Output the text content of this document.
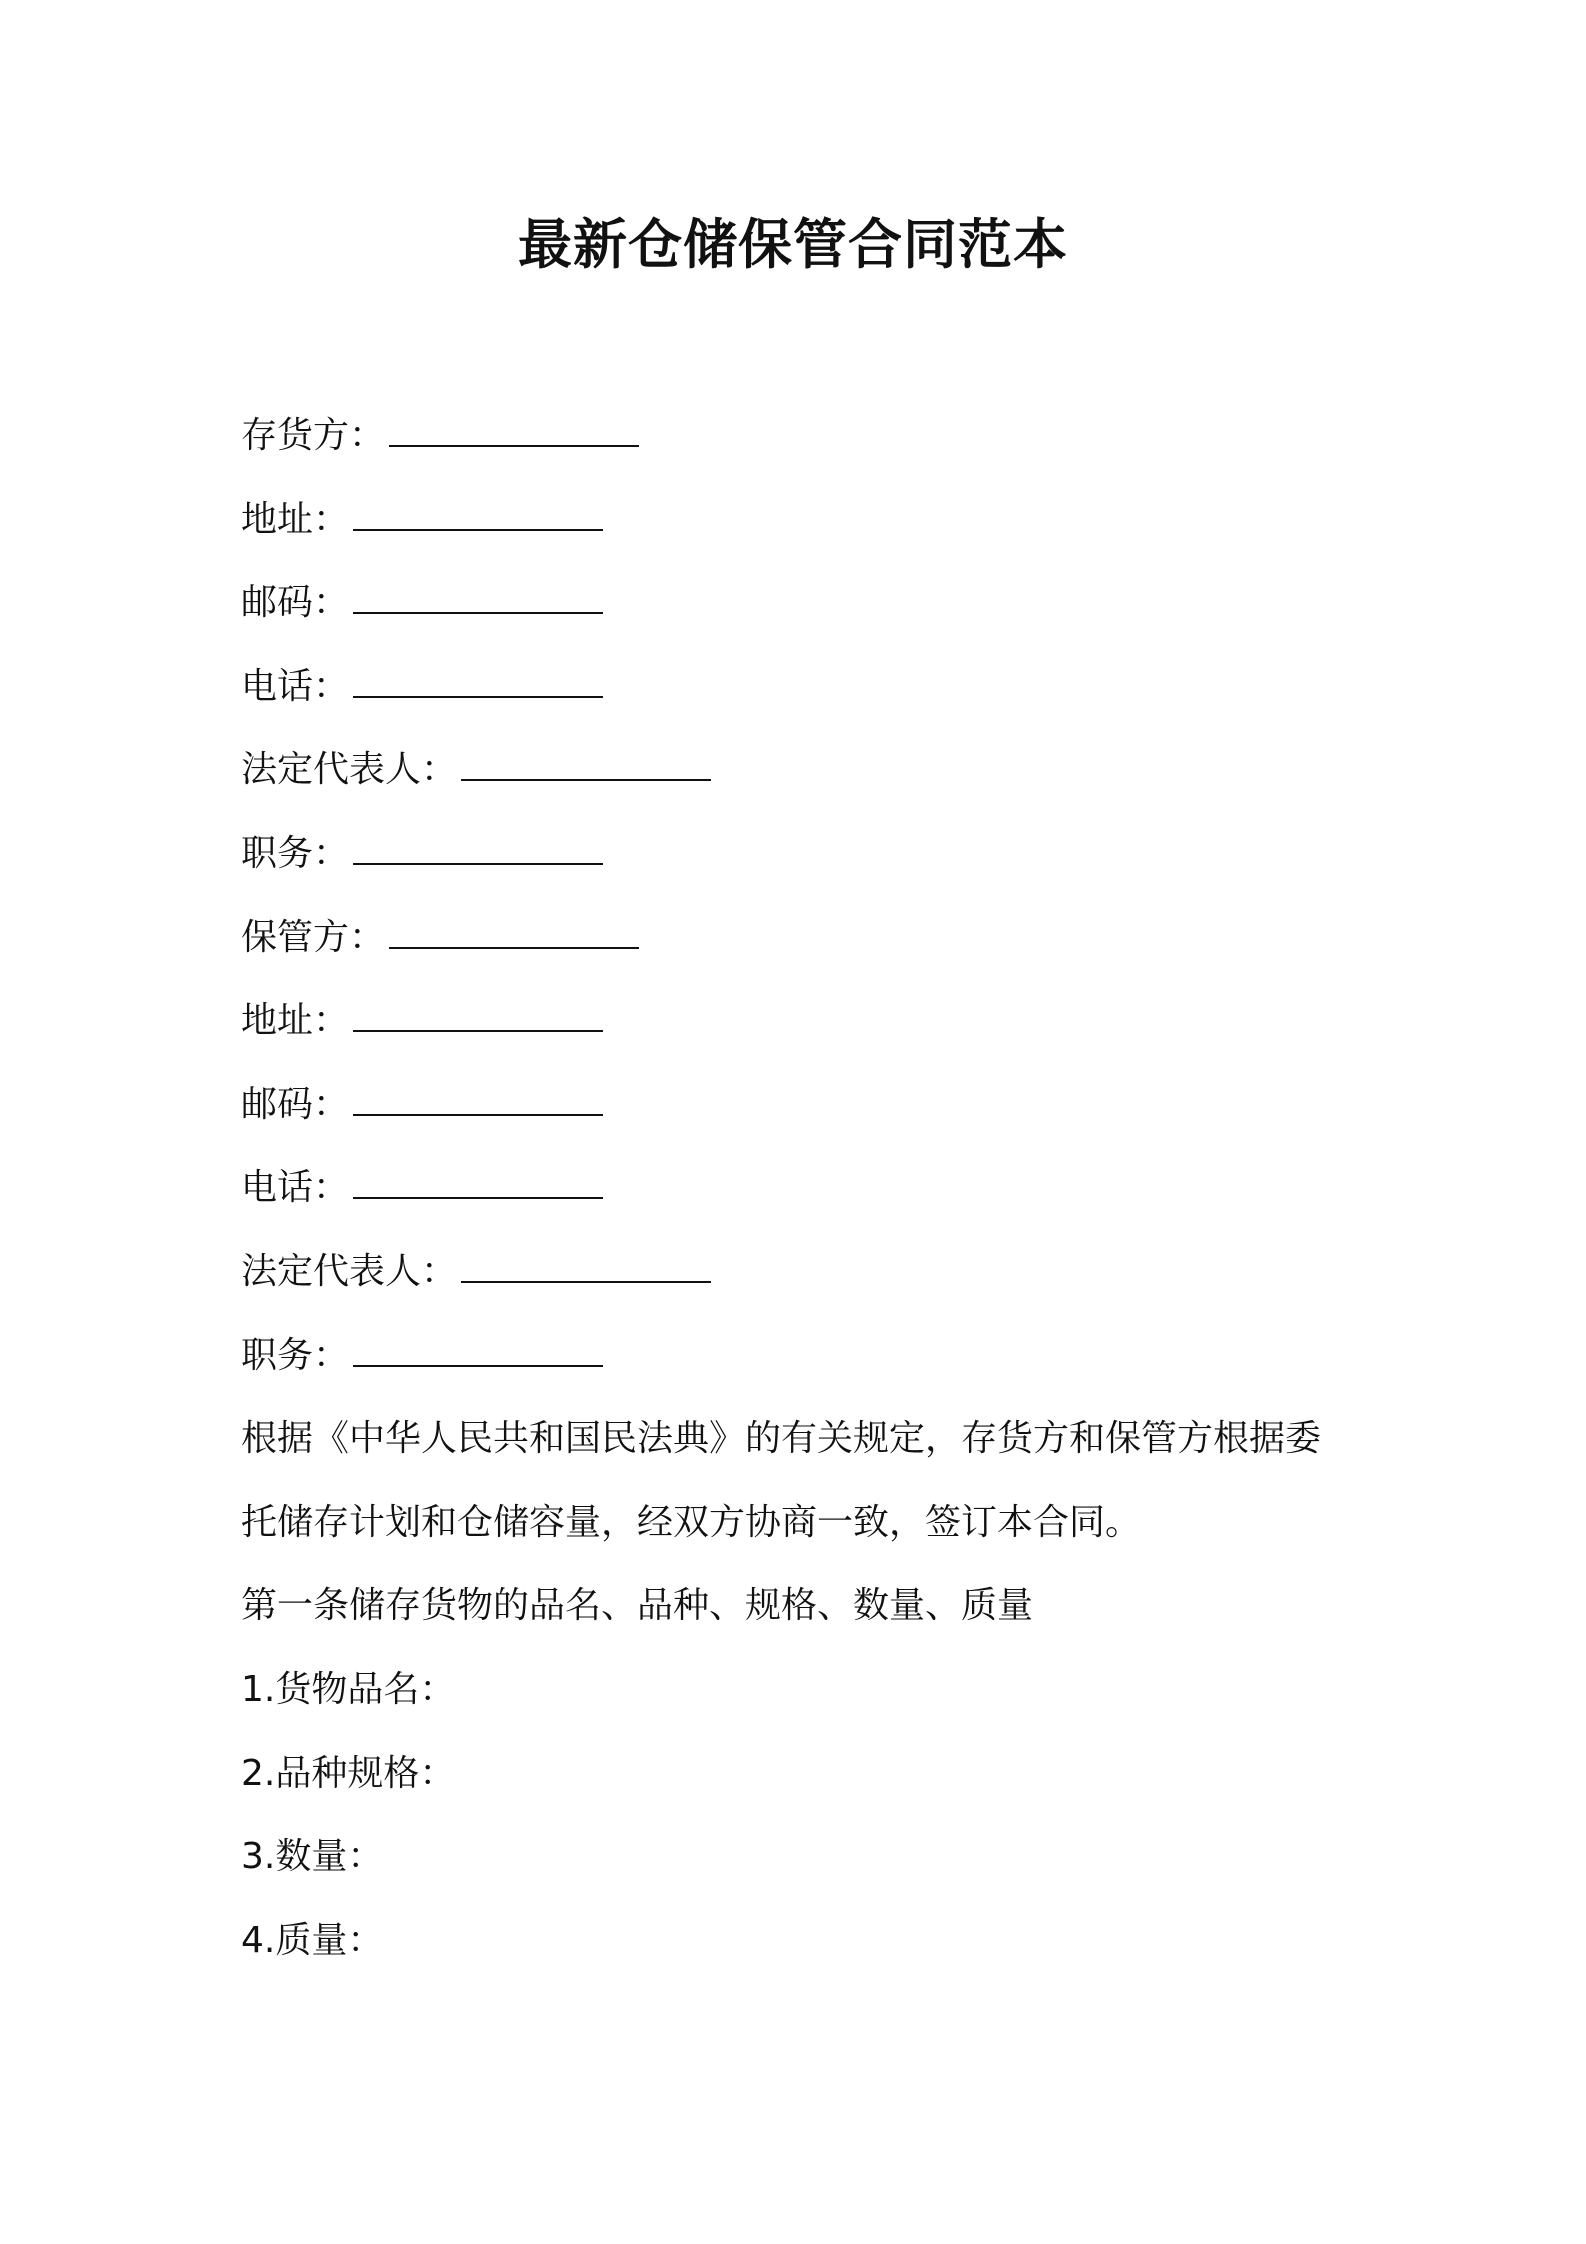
最新仓储保管合同范本
存货方：
地址：
邮码：
电话：
法定代表人：
职务：
保管方：
地址：
邮码：
电话：
法定代表人：
职务：
根据《中华人民共和国民法典》的有关规定，存货方和保管方根据委
托储存计划和仓储容量，经双方协商一致，签订本合同。
第一条储存货物的品名、品种、规格、数量、质量
1.货物品名：
2.品种规格：
3.数量：
4.质量：
